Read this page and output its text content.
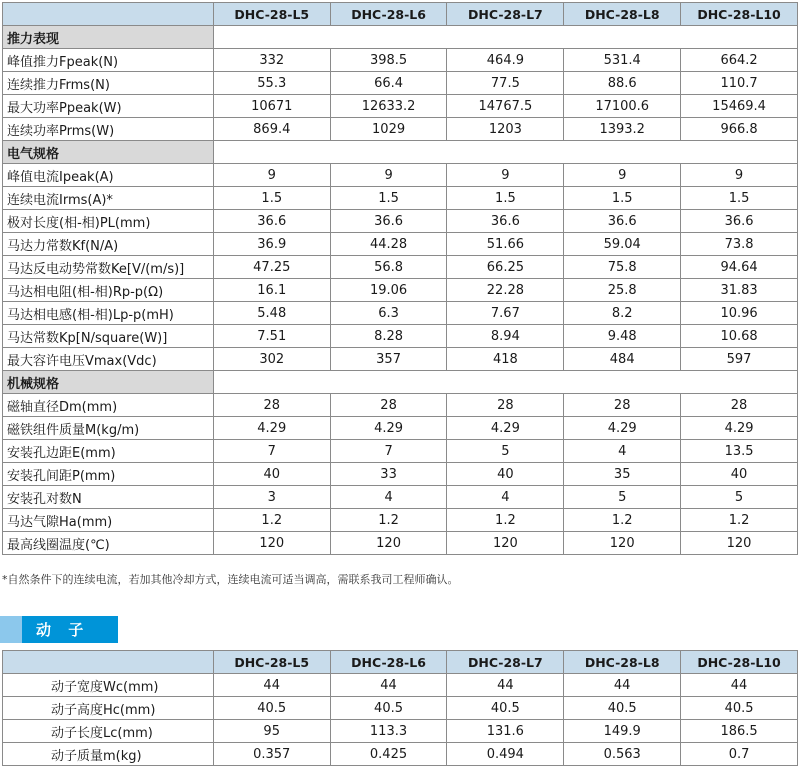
	DHC-28-L5	DHC-28-L6	DHC-28-L7	DHC-28-L8	DHC-28-L10
推力表现					
峰值推力Fpeak(N)	332	398.5	464.9	531.4	664.2
连续推力Frms(N)	55.3	66.4	77.5	88.6	110.7
最大功率Ppeak(W)	10671	12633.2	14767.5	17100.6	15469.4
连续功率Prms(W)	869.4	1029	1203	1393.2	966.8
电气规格					
峰值电流Ipeak(A)	9	9	9	9	9
连续电流Irms(A)*	1.5	1.5	1.5	1.5	1.5
极对长度(相-相)PL(mm)	36.6	36.6	36.6	36.6	36.6
马达力常数Kf(N/A)	36.9	44.28	51.66	59.04	73.8
马达反电动势常数Ke[V/(m/s)]	47.25	56.8	66.25	75.8	94.64
马达相电阻(相-相)Rp-p(Ω)	16.1	19.06	22.28	25.8	31.83
马达相电感(相-相)Lp-p(mH)	5.48	6.3	7.67	8.2	10.96
马达常数Kp[N/square(W)]	7.51	8.28	8.94	9.48	10.68
最大容许电压Vmax(Vdc)	302	357	418	484	597
机械规格					
磁轴直径Dm(mm)	28	28	28	28	28
磁铁组件质量M(kg/m)	4.29	4.29	4.29	4.29	4.29
安装孔边距E(mm)	7	7	5	4	13.5
安装孔间距P(mm)	40	33	40	35	40
安装孔对数N	3	4	4	5	5
马达气隙Ha(mm)	1.2	1.2	1.2	1.2	1.2
最高线圈温度(℃)	120	120	120	120	120
*自然条件下的连续电流，若加其他冷却方式，连续电流可适当调高，需联系我司工程师确认。
动 子
	DHC-28-L5	DHC-28-L6	DHC-28-L7	DHC-28-L8	DHC-28-L10
动子宽度Wc(mm)	44	44	44	44	44
动子高度Hc(mm)	40.5	40.5	40.5	40.5	40.5
动子长度Lc(mm)	95	113.3	131.6	149.9	186.5
动子质量m(kg)	0.357	0.425	0.494	0.563	0.7
